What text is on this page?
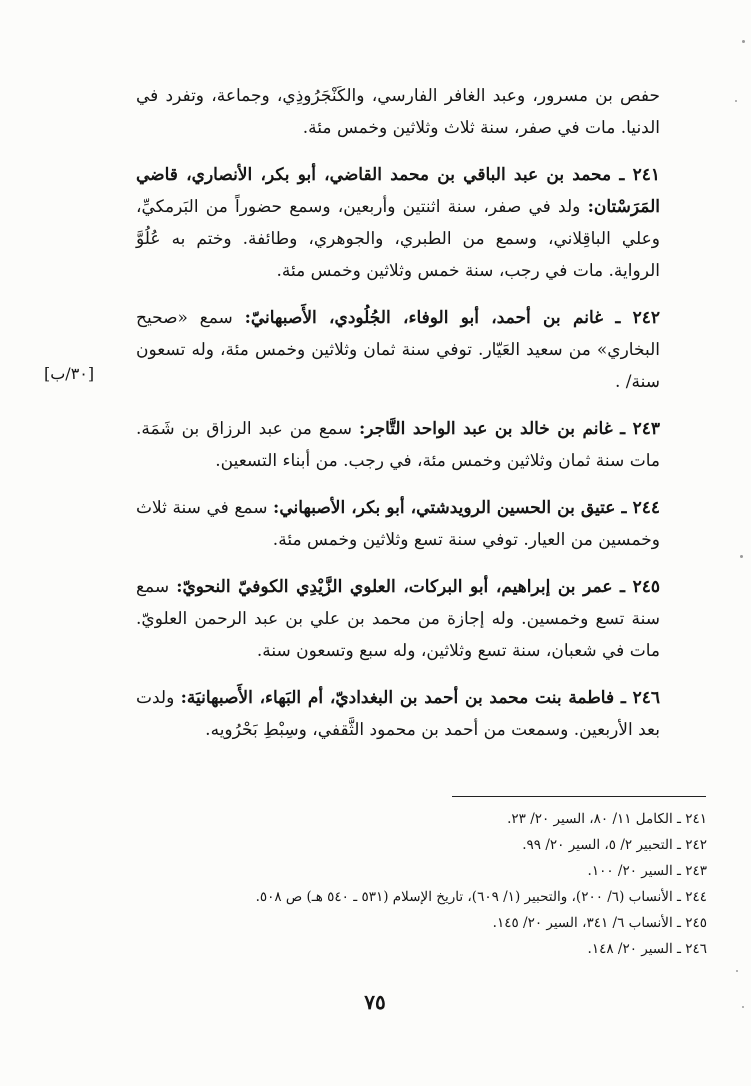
حفص بن مسرور، وعبد الغافر الفارسي، والكَنْجَرُوذِي، وجماعة، وتفرد في الدنيا. مات في صفر، سنة ثلاث وثلاثين وخمس مئة.

٢٤١ ـ محمد بن عبد الباقي بن محمد القاضي، أبو بكر، الأنصاري، قاضي المَرَسْتان: ولد في صفر، سنة اثنتين وأربعين، وسمع حضوراً من البَرمكيِّ، وعلي الباقِلاني، وسمع من الطبري، والجوهري، وطائفة. وختم به عُلُوَّ الرواية. مات في رجب، سنة خمس وثلاثين وخمس مئة.

٢٤٢ ـ غانم بن أحمد، أبو الوفاء، الجُلُودي، الأَصبهانيّ: سمع «صحيح البخاري» من سعيد العَيّار. توفي سنة ثمان وثلاثين وخمس مئة، وله تسعون سنة/ .

٢٤٣ ـ غانم بن خالد بن عبد الواحد التَّاجر: سمع من عبد الرزاق بن شَمَة. مات سنة ثمان وثلاثين وخمس مئة، في رجب. من أبناء التسعين.

٢٤٤ ـ عتيق بن الحسين الرويدشتي، أبو بكر، الأصبهاني: سمع في سنة ثلاث وخمسين من العيار. توفي سنة تسع وثلاثين وخمس مئة.

٢٤٥ ـ عمر بن إبراهيم، أبو البركات، العلوي الزَّيْدِي الكوفيّ النحويّ: سمع سنة تسع وخمسين. وله إجازة من محمد بن علي بن عبد الرحمن العلويّ. مات في شعبان، سنة تسع وثلاثين، وله سبع وتسعون سنة.

٢٤٦ ـ فاطمة بنت محمد بن أحمد بن البغداديّ، أم البَهاء، الأَصبهانيَة: ولدت بعد الأربعين. وسمعت من أحمد بن محمود الثَّقفي، وسِبْطِ بَحْرُويه.

[٣٠/ب]
٢٤١ ـ الكامل ١١/ ٨٠، السير ٢٠/ ٢٣.
٢٤٢ ـ التحبير ٢/ ٥، السير ٢٠/ ٩٩.
٢٤٣ ـ السير ٢٠/ ١٠٠.
٢٤٤ ـ الأنساب (٦/ ٢٠٠)، والتحبير (١/ ٦٠٩)، تاريخ الإسلام (٥٣١ ـ ٥٤٠ هـ) ص ٥٠٨.
٢٤٥ ـ الأنساب ٦/ ٣٤١، السير ٢٠/ ١٤٥.
٢٤٦ ـ السير ٢٠/ ١٤٨.
٧٥
